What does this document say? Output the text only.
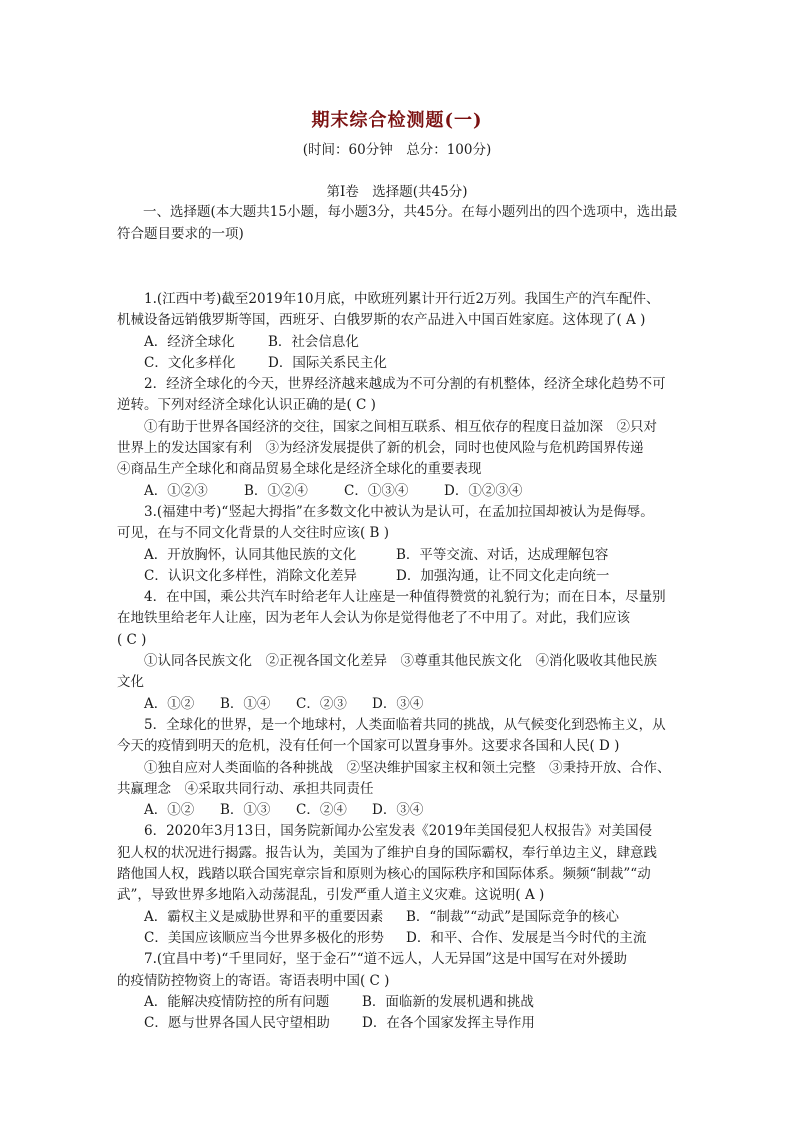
期末综合检测题(一)
(时间：60分钟　总分：100分)
第Ⅰ卷　选择题(共45分)
一、选择题(本大题共15小题，每小题3分，共45分。在每小题列出的四个选项中，选出最符合题目要求的一项)
1.(江西中考)截至2019年10月底，中欧班列累计开行近2万列。我国生产的汽车配件、
机械设备远销俄罗斯等国，西班牙、白俄罗斯的农产品进入中国百姓家庭。这体现了( A )
A．经济全球化	B．社会信息化
C．文化多样化	D．国际关系民主化
2．经济全球化的今天，世界经济越来越成为不可分割的有机整体，经济全球化趋势不可
逆转。下列对经济全球化认识正确的是( C )
①有助于世界各国经济的交往，国家之间相互联系、相互依存的程度日益加深　②只对
世界上的发达国家有利　③为经济发展提供了新的机会，同时也使风险与危机跨国界传递
④商品生产全球化和商品贸易全球化是经济全球化的重要表现
A．①②③	B．①②④	C．①③④	D．①②③④
3.(福建中考)“竖起大拇指”在多数文化中被认为是认可，在孟加拉国却被认为是侮辱。
可见，在与不同文化背景的人交往时应该( B )
A．开放胸怀，认同其他民族的文化	B．平等交流、对话，达成理解包容
C．认识文化多样性，消除文化差异	D．加强沟通，让不同文化走向统一
4．在中国，乘公共汽车时给老年人让座是一种值得赞赏的礼貌行为；而在日本，尽量别
在地铁里给老年人让座，因为老年人会认为你是觉得他老了不中用了。对此，我们应该
( C )
①认同各民族文化　②正视各国文化差异　③尊重其他民族文化　④消化吸收其他民族
文化
A．①②	B．①④	C．②③	D．③④
5．全球化的世界，是一个地球村，人类面临着共同的挑战，从气候变化到恐怖主义，从
今天的疫情到明天的危机，没有任何一个国家可以置身事外。这要求各国和人民( D )
①独自应对人类面临的各种挑战　②坚决维护国家主权和领土完整　③秉持开放、合作、
共赢理念　④采取共同行动、承担共同责任
A．①②	B．①③	C．②④	D．③④
6．2020年3月13日，国务院新闻办公室发表《2019年美国侵犯人权报告》对美国侵
犯人权的状况进行揭露。报告认为，美国为了维护自身的国际霸权，奉行单边主义，肆意践
踏他国人权，践踏以联合国宪章宗旨和原则为核心的国际秩序和国际体系。频频“制裁”“动
武”，导致世界多地陷入动荡混乱，引发严重人道主义灾难。这说明( A )
A．霸权主义是威胁世界和平的重要因素	B．“制裁”“动武”是国际竞争的核心
C．美国应该顺应当今世界多极化的形势	D．和平、合作、发展是当今时代的主流
7.(宜昌中考)“千里同好，坚于金石”“道不远人，人无异国”这是中国写在对外援助
的疫情防控物资上的寄语。寄语表明中国( C )
A．能解决疫情防控的所有问题	B．面临新的发展机遇和挑战
C．愿与世界各国人民守望相助	D．在各个国家发挥主导作用
